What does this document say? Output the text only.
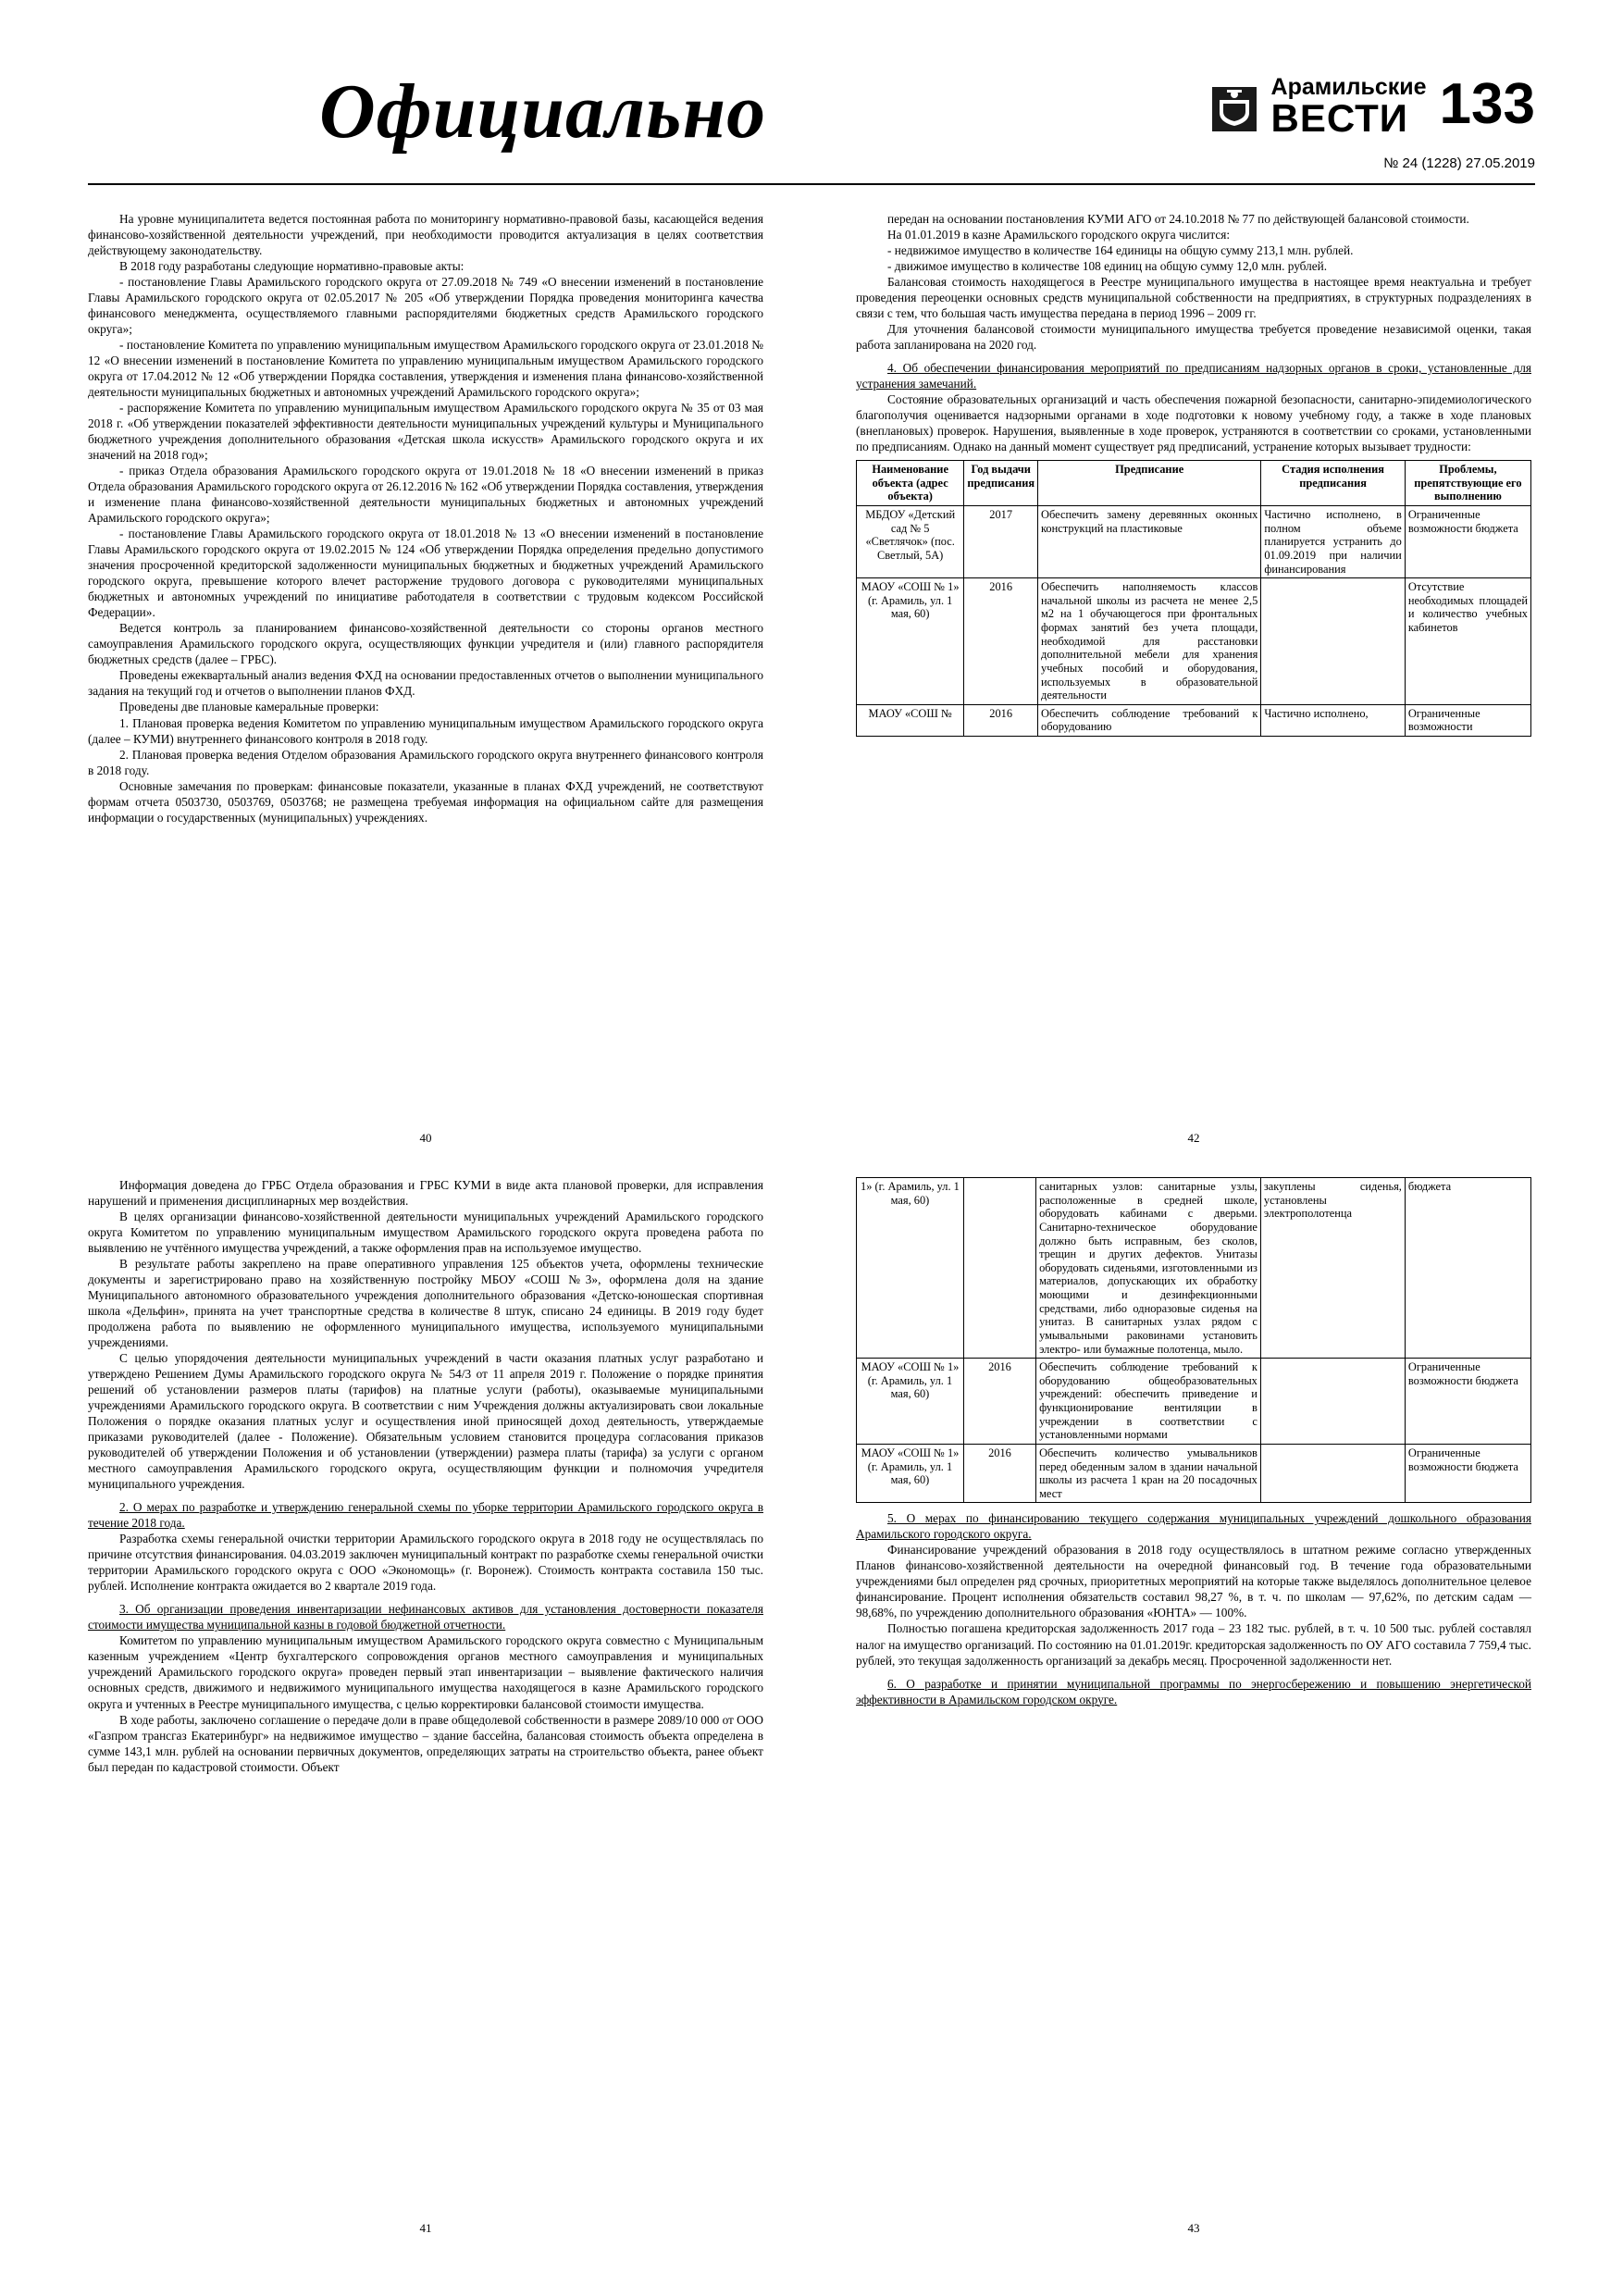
Официально	Арамильские
ВЕСТИ 133
№ 24 (1228) 27.05.2019

На уровне муниципалитета ведется постоянная работа по мониторингу нормативно-правовой базы, касающейся ведения финансово-хозяйственной деятельности учреждений, при необходимости проводится актуализация в целях соответствия действующему законодательству.

В 2018 году разработаны следующие нормативно-правовые акты:

- постановление Главы Арамильского городского округа от 27.09.2018 № 749 «О внесении изменений в постановление Главы Арамильского городского округа от 02.05.2017 № 205 «Об утверждении Порядка проведения мониторинга качества финансового менеджмента, осуществляемого главными распорядителями бюджетных средств Арамильского городского округа»;

- постановление Комитета по управлению муниципальным имуществом Арамильского городского округа от 23.01.2018 № 12 «О внесении изменений в постановление Комитета по управлению муниципальным имуществом Арамильского городского округа от 17.04.2012 № 12 «Об утверждении Порядка составления, утверждения и изменения плана финансово-хозяйственной деятельности муниципальных бюджетных и автономных учреждений Арамильского городского округа»;

- распоряжение Комитета по управлению муниципальным имуществом Арамильского городского округа № 35 от 03 мая 2018 г. «Об утверждении показателей эффективности деятельности муниципальных учреждений культуры и Муниципального бюджетного учреждения дополнительного образования «Детская школа искусств» Арамильского городского округа и их значений на 2018 год»;

- приказ Отдела образования Арамильского городского округа от 19.01.2018 № 18 «О внесении изменений в приказ Отдела образования Арамильского городского округа от 26.12.2016 № 162 «Об утверждении Порядка составления, утверждения и изменение плана финансово-хозяйственной деятельности муниципальных бюджетных и автономных учреждений Арамильского городского округа»;

- постановление Главы Арамильского городского округа от 18.01.2018 № 13 «О внесении изменений в постановление Главы Арамильского городского округа от 19.02.2015 № 124 «Об утверждении Порядка определения предельно допустимого значения просроченной кредиторской задолженности муниципальных бюджетных и бюджетных учреждений Арамильского городского округа, превышение которого влечет расторжение трудового договора с руководителями муниципальных бюджетных и автономных учреждений по инициативе работодателя в соответствии с трудовым кодексом Российской Федерации».

Ведется контроль за планированием финансово-хозяйственной деятельности со стороны органов местного самоуправления Арамильского городского округа, осуществляющих функции учредителя и (или) главного распорядителя бюджетных средств (далее – ГРБС).

Проведены ежеквартальный анализ ведения ФХД на основании предоставленных отчетов о выполнении муниципального задания на текущий год и отчетов о выполнении планов ФХД.

Проведены две плановые камеральные проверки:

1. Плановая проверка ведения Комитетом по управлению муниципальным имуществом Арамильского городского округа (далее – КУМИ) внутреннего финансового контроля в 2018 году.

2. Плановая проверка ведения Отделом образования Арамильского городского округа внутреннего финансового контроля в 2018 году.

Основные замечания по проверкам: финансовые показатели, указанные в планах ФХД учреждений, не соответствуют формам отчета 0503730, 0503769, 0503768; не размещена требуемая информация на официальном сайте для размещения информации о государственных (муниципальных) учреждениях.

40

Информация доведена до ГРБС Отдела образования и ГРБС КУМИ в виде акта плановой проверки, для исправления нарушений и применения дисциплинарных мер воздействия.

В целях организации финансово-хозяйственной деятельности муниципальных учреждений Арамильского городского округа Комитетом по управлению муниципальным имуществом Арамильского городского округа проведена работа по выявлению не учтённого имущества учреждений, а также оформления прав на используемое имущество.

В результате работы закреплено на праве оперативного управления 125 объектов учета, оформлены технические документы и зарегистрировано право на хозяйственную постройку МБОУ «СОШ №3», оформлена доля на здание Муниципального автономного образовательного учреждения дополнительного образования «Детско-юношеская спортивная школа «Дельфин», принята на учет транспортные средства в количестве 8 штук, списано 24 единицы. В 2019 году будет продолжена работа по выявлению не оформленного муниципального имущества, используемого муниципальными учреждениями.

С целью упорядочения деятельности муниципальных учреждений в части оказания платных услуг разработано и утверждено Решением Думы Арамильского городского округа № 54/3 от 11 апреля 2019 г. Положение о порядке принятия решений об установлении размеров платы (тарифов) на платные услуги (работы), оказываемые муниципальными учреждениями Арамильского городского округа. В соответствии с ним Учреждения должны актуализировать свои локальные Положения о порядке оказания платных услуг и осуществления иной приносящей доход деятельность, утверждаемые приказами руководителей (далее - Положение). Обязательным условием становится процедура согласования приказов руководителей об утверждении Положения и об установлении (утверждении) размера платы (тарифа) за услуги с органом местного самоуправления Арамильского городского округа, осуществляющим функции и полномочия учредителя муниципального учреждения.

2. О мерах по разработке и утверждению генеральной схемы по уборке территории Арамильского городского округа в течение 2018 года.

Разработка схемы генеральной очистки территории Арамильского городского округа в 2018 году не осуществлялась по причине отсутствия финансирования. 04.03.2019 заключен муниципальный контракт по разработке схемы генеральной очистки территории Арамильского городского округа с ООО «Экономощь» (г. Воронеж). Стоимость контракта составила 150 тыс. рублей. Исполнение контракта ожидается во 2 квартале 2019 года.

3. Об организации проведения инвентаризации нефинансовых активов для установления достоверности показателя стоимости имущества муниципальной казны в годовой бюджетной отчетности.

Комитетом по управлению муниципальным имуществом Арамильского городского округа совместно с Муниципальным казенным учреждением «Центр бухгалтерского сопровождения органов местного самоуправления и муниципальных учреждений Арамильского городского округа» проведен первый этап инвентаризации – выявление фактического наличия основных средств, движимого и недвижимого муниципального имущества находящегося в казне Арамильского городского округа и учтенных в Реестре муниципального имущества, с целью корректировки балансовой стоимости имущества.

В ходе работы, заключено соглашение о передаче доли в праве общедолевой собственности в размере 2089/10 000 от ООО «Газпром трансгаз Екатеринбург» на недвижимое имущество – здание бассейна, балансовая стоимость объекта определена в сумме 143,1 млн. рублей на основании первичных документов, определяющих затраты на строительство объекта, ранее объект был передан по кадастровой стоимости. Объект

41

передан на основании постановления КУМИ АГО от 24.10.2018 № 77 по действующей балансовой стоимости.

На 01.01.2019 в казне Арамильского городского округа числится:

- недвижимое имущество в количестве 164 единицы на общую сумму 213,1 млн. рублей.

- движимое имущество в количестве 108 единиц на общую сумму 12,0 млн. рублей.

Балансовая стоимость находящегося в Реестре муниципального имущества в настоящее время неактуальна и требует проведения переоценки основных средств муниципальной собственности на предприятиях, в структурных подразделениях в связи с тем, что большая часть имущества передана в период 1996 – 2009 гг.

Для уточнения балансовой стоимости муниципального имущества требуется проведение независимой оценки, такая работа запланирована на 2020 год.

4. Об обеспечении финансирования мероприятий по предписаниям надзорных органов в сроки, установленные для устранения замечаний.

Состояние образовательных организаций и часть обеспечения пожарной безопасности, санитарно-эпидемиологического благополучия оценивается надзорными органами в ходе подготовки к новому учебному году, а также в ходе плановых (внеплановых) проверок. Нарушения, выявленные в ходе проверок, устраняются в соответствии со сроками, установленными по предписаниям. Однако на данный момент существует ряд предписаний, устранение которых вызывает трудности:

Наименование объекта (адрес объекта)	Год выдачи предписания	Предписание	Стадия исполнения предписания	Проблемы, препятствующие его выполнению
МБДОУ «Детский сад № 5 «Светлячок» (пос. Светлый, 5А)	2017	Обеспечить замену деревянных оконных конструкций на пластиковые	Частично исполнено, в полном объеме планируется устранить до 01.09.2019 при наличии финансирования	Ограниченные возможности бюджета
МАОУ «СОШ № 1» (г. Арамиль, ул. 1 мая, 60)	2016	Обеспечить наполняемость классов начальной школы из расчета не менее 2,5 м2 на 1 обучающегося при фронтальных формах занятий без учета площади, необходимой для расстановки дополнительной мебели для хранения учебных пособий и оборудования, используемых в образовательной деятельности		Отсутствие необходимых площадей и количество учебных кабинетов
МАОУ «СОШ №	2016	Обеспечить соблюдение требований к оборудованию	Частично исполнено,	Ограниченные возможности
42
1» (г. Арамиль, ул. 1 мая, 60)		санитарных узлов: санитарные узлы, расположенные в средней школе, оборудовать кабинами с дверьми. Санитарно-техническое оборудование должно быть исправным, без сколов, трещин и других дефектов. Унитазы оборудовать сиденьями, изготовленными из материалов, допускающих их обработку моющими и дезинфекционными средствами, либо одноразовые сиденья на унитаз. В санитарных узлах рядом с умывальными раковинами установить электро- или бумажные полотенца, мыло.	закуплены сиденья, установлены электрополотенца	бюджета
МАОУ «СОШ № 1» (г. Арамиль, ул. 1 мая, 60)	2016	Обеспечить соблюдение требований к оборудованию общеобразовательных учреждений: обеспечить приведение и функционирование вентиляции в учреждении в соответствии с установленными нормами		Ограниченные возможности бюджета
МАОУ «СОШ № 1» (г. Арамиль, ул. 1 мая, 60)	2016	Обеспечить количество умывальников перед обеденным залом в здании начальной школы из расчета 1 кран на 20 посадочных мест		Ограниченные возможности бюджета

5. О мерах по финансированию текущего содержания муниципальных учреждений дошкольного образования Арамильского городского округа.

Финансирование учреждений образования в 2018 году осуществлялось в штатном режиме согласно утвержденных Планов финансово-хозяйственной деятельности на очередной финансовый год. В течение года образовательными учреждениями был определен ряд срочных, приоритетных мероприятий на которые также выделялось дополнительное целевое финансирование. Процент исполнения обязательств составил 98,27 %, в т. ч. по школам — 97,62%, по детским садам — 98,68%, по учреждению дополнительного образования «ЮНТА» — 100%.

Полностью погашена кредиторская задолженность 2017 года – 23 182 тыс. рублей, в т. ч. 10 500 тыс. рублей составлял налог на имущество организаций. По состоянию на 01.01.2019г. кредиторская задолженность по ОУ АГО составила 7 759,4 тыс. рублей, это текущая задолженность организаций за декабрь месяц. Просроченной задолженности нет.

6. О разработке и принятии муниципальной программы по энергосбережению и повышению энергетической эффективности в Арамильском городском округе.

43
